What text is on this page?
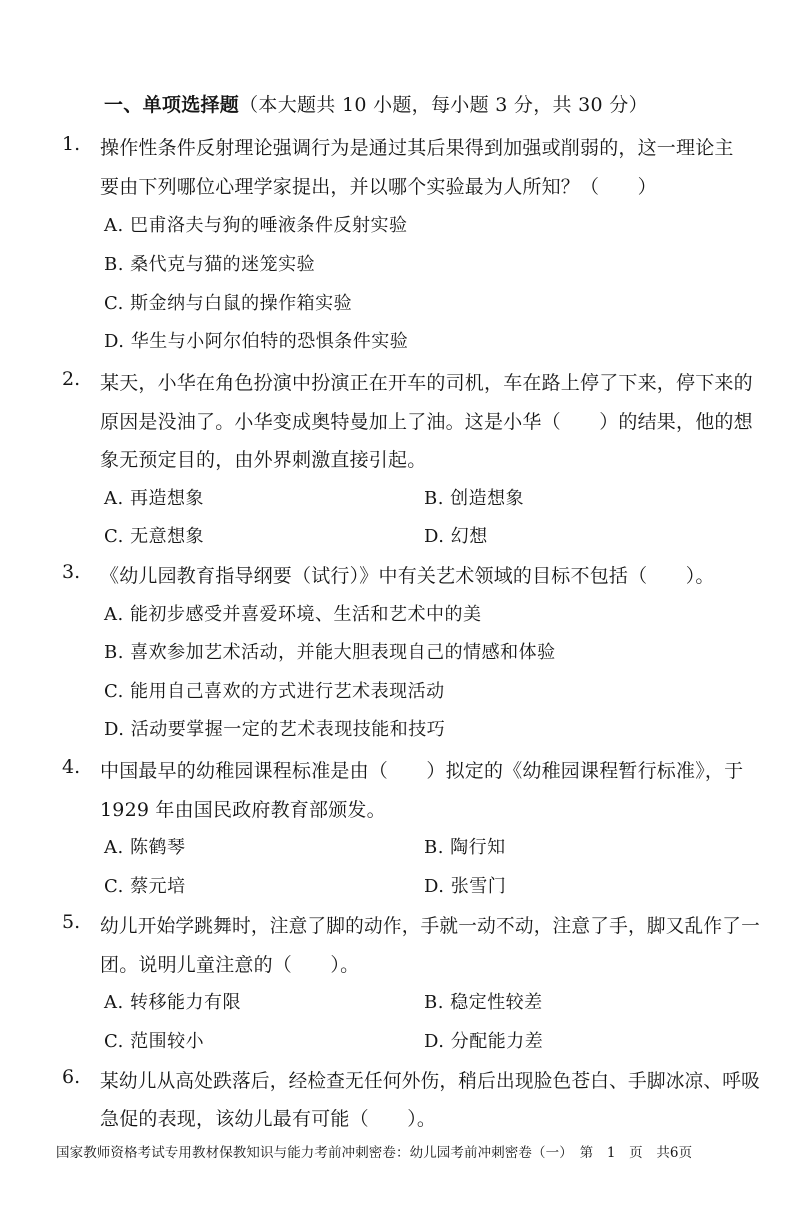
一、单项选择题（本大题共 10 小题，每小题 3 分，共 30 分）
1. 操作性条件反射理论强调行为是通过其后果得到加强或削弱的，这一理论主
要由下列哪位心理学家提出，并以哪个实验最为人所知？（　　）
A. 巴甫洛夫与狗的唾液条件反射实验
B. 桑代克与猫的迷笼实验
C. 斯金纳与白鼠的操作箱实验
D. 华生与小阿尔伯特的恐惧条件实验
2. 某天，小华在角色扮演中扮演正在开车的司机，车在路上停了下来，停下来的
原因是没油了。小华变成奥特曼加上了油。这是小华（　　）的结果，他的想
象无预定目的，由外界刺激直接引起。
A. 再造想象	B. 创造想象
C. 无意想象	D. 幻想
3. 《幼儿园教育指导纲要（试行）》中有关艺术领域的目标不包括（　　）。
A. 能初步感受并喜爱环境、生活和艺术中的美
B. 喜欢参加艺术活动，并能大胆表现自己的情感和体验
C. 能用自己喜欢的方式进行艺术表现活动
D. 活动要掌握一定的艺术表现技能和技巧
4. 中国最早的幼稚园课程标准是由（　　）拟定的《幼稚园课程暂行标准》，于
1929 年由国民政府教育部颁发。
A. 陈鹤琴	B. 陶行知
C. 蔡元培	D. 张雪门
5. 幼儿开始学跳舞时，注意了脚的动作，手就一动不动，注意了手，脚又乱作了一
团。说明儿童注意的（　　）。
A. 转移能力有限	B. 稳定性较差
C. 范围较小	D. 分配能力差
6. 某幼儿从高处跌落后，经检查无任何外伤，稍后出现脸色苍白、手脚冰凉、呼吸
急促的表现，该幼儿最有可能（　　）。
国家教师资格考试专用教材保教知识与能力考前冲刺密卷：幼儿园考前冲刺密卷（一）　第　1　页　共6页
